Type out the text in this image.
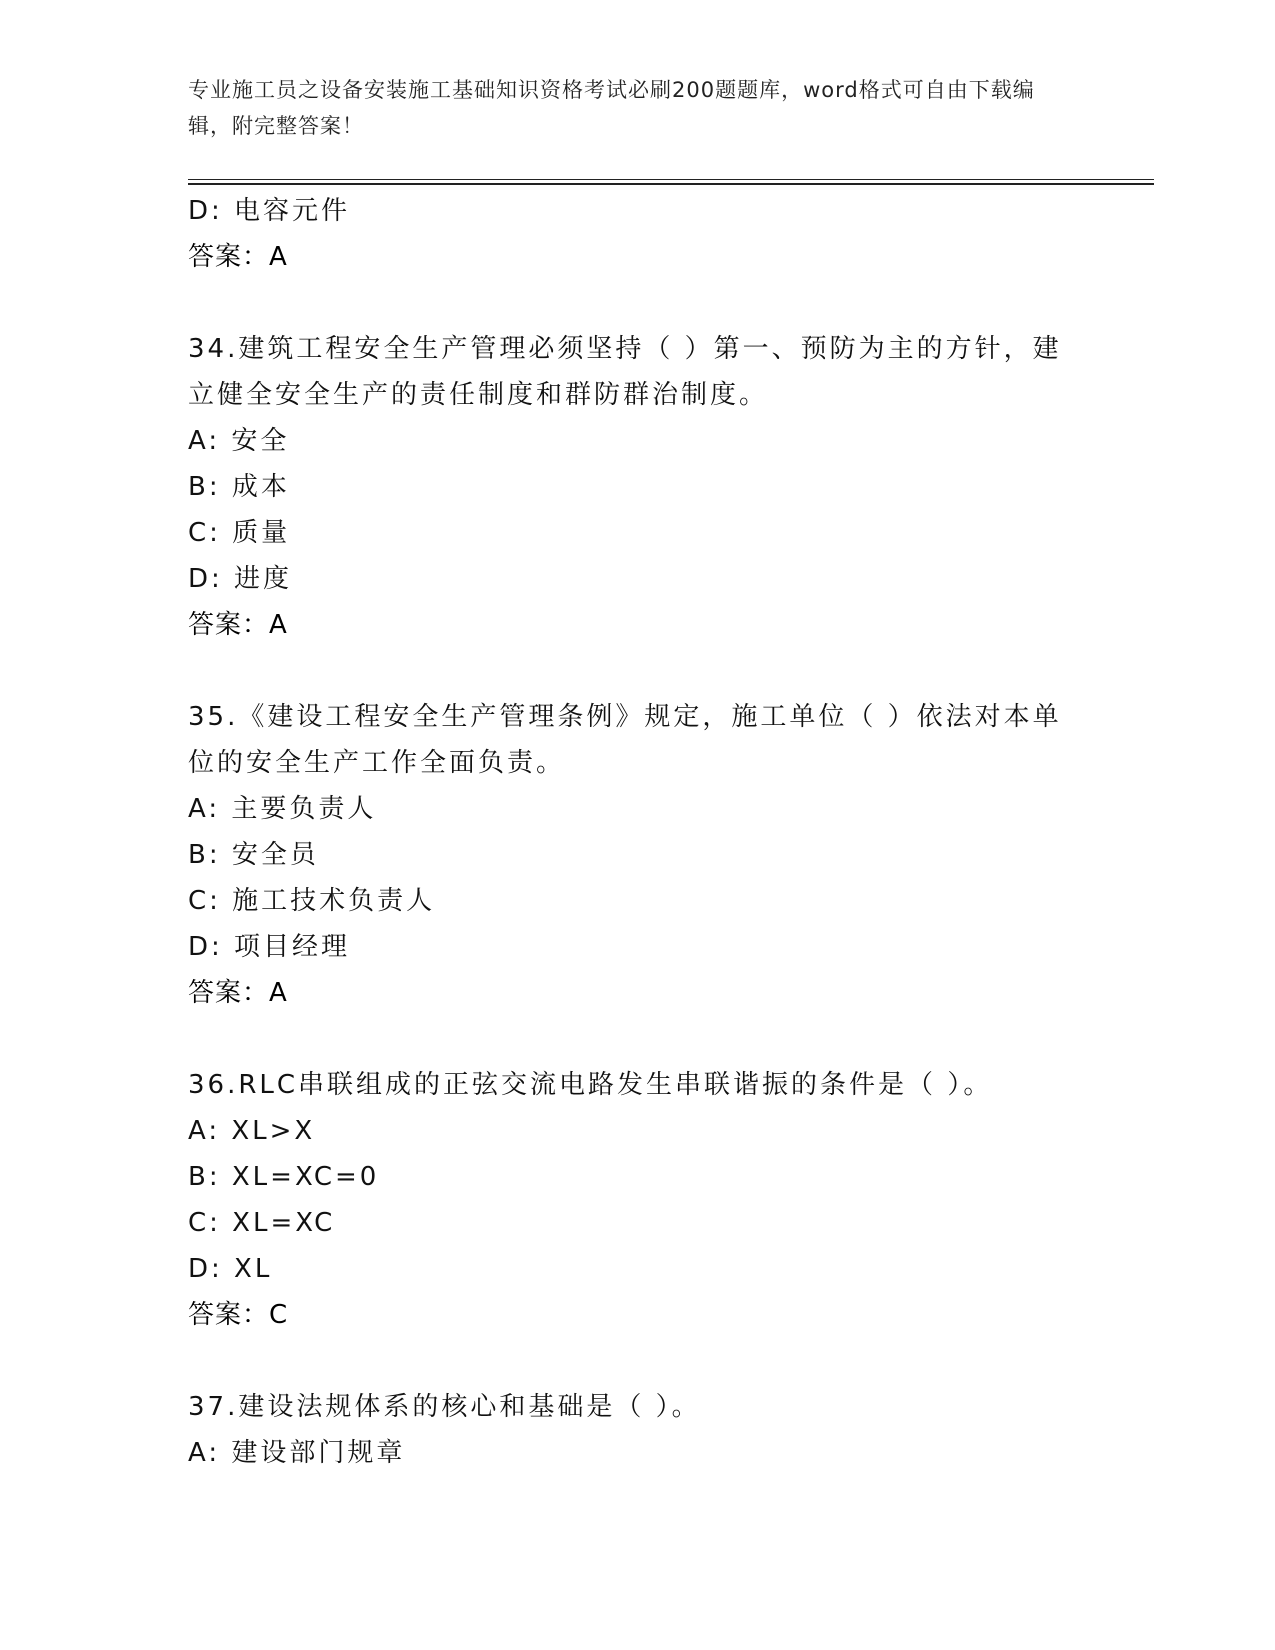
专业施工员之设备安装施工基础知识资格考试必刷200题题库，word格式可自由下载编辑，附完整答案！
D: 电容元件
答案：A
34.建筑工程安全生产管理必须坚持（ ）第一、预防为主的方针，建
立健全安全生产的责任制度和群防群治制度。
A: 安全
B: 成本
C: 质量
D: 进度
答案：A
35.《建设工程安全生产管理条例》规定，施工单位（ ）依法对本单
位的安全生产工作全面负责。
A: 主要负责人
B: 安全员
C: 施工技术负责人
D: 项目经理
答案：A
36.RLC串联组成的正弦交流电路发生串联谐振的条件是（ ）。
A: XL>X
B: XL=XC=0
C: XL=XC
D: XL
答案：C
37.建设法规体系的核心和基础是（ ）。
A: 建设部门规章
